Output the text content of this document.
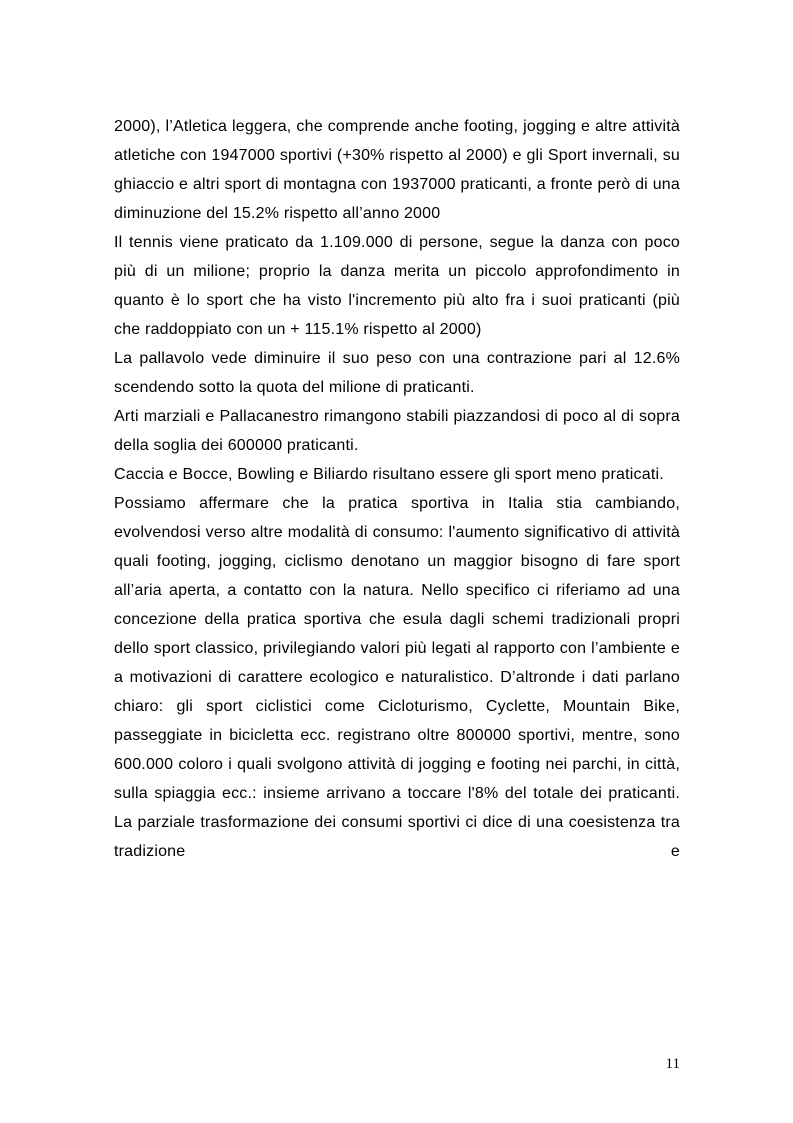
2000), l’Atletica leggera, che comprende anche footing, jogging e altre attività atletiche con 1947000 sportivi (+30% rispetto al 2000) e gli Sport invernali, su ghiaccio e altri sport di montagna con 1937000 praticanti, a fronte però di una diminuzione del 15.2% rispetto all’anno 2000

Il tennis viene praticato da 1.109.000 di persone, segue la danza con poco più di un milione; proprio la danza merita un piccolo approfondimento in quanto è lo sport che ha visto l'incremento più alto fra i suoi praticanti (più che raddoppiato con un + 115.1% rispetto al 2000)

La pallavolo vede diminuire il suo peso con una contrazione pari al 12.6% scendendo sotto la quota del milione di praticanti.

Arti marziali e Pallacanestro rimangono stabili piazzandosi di poco al di sopra della soglia dei 600000 praticanti.

Caccia e Bocce, Bowling e Biliardo risultano essere gli sport meno praticati.

Possiamo affermare che la pratica sportiva in Italia stia cambiando, evolvendosi verso altre modalità di consumo: l'aumento significativo di attività quali footing, jogging, ciclismo denotano un maggior bisogno di fare sport all’aria aperta, a contatto con la natura. Nello specifico ci riferiamo ad una concezione della pratica sportiva che esula dagli schemi tradizionali propri dello sport classico, privilegiando valori più legati al rapporto con l’ambiente e a motivazioni di carattere ecologico e naturalistico. D’altronde i dati parlano chiaro: gli sport ciclistici come Cicloturismo, Cyclette, Mountain Bike, passeggiate in bicicletta ecc. registrano oltre 800000 sportivi, mentre, sono 600.000 coloro i quali svolgono attività di jogging e footing nei parchi, in città, sulla spiaggia ecc.: insieme arrivano a toccare l'8% del totale dei praticanti. La parziale trasformazione dei consumi sportivi ci dice di una coesistenza tra tradizione e

11
